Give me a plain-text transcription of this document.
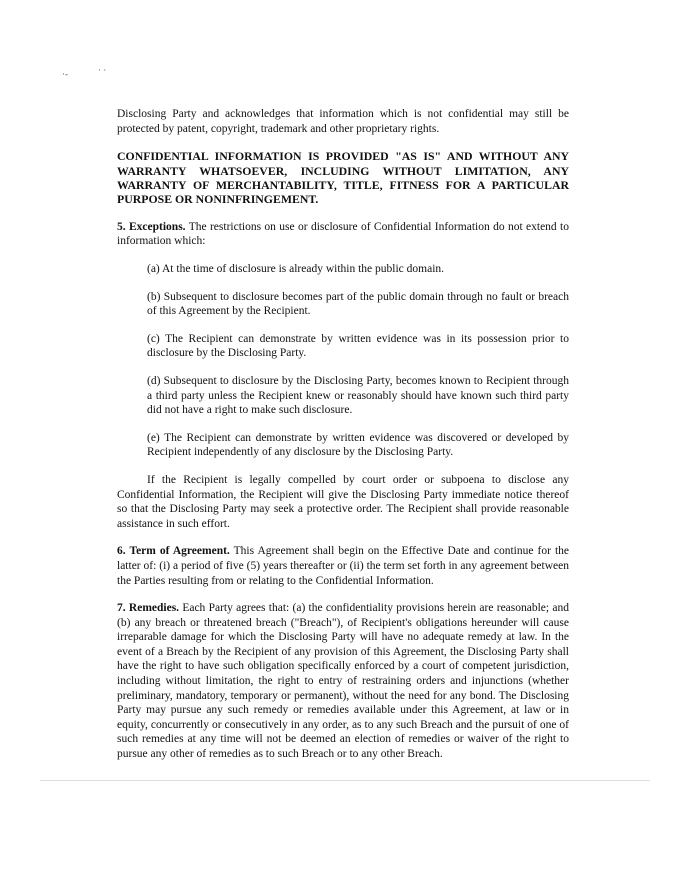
·-	· ·

Disclosing Party and acknowledges that information which is not confidential may still be protected by patent, copyright, trademark and other proprietary rights.

CONFIDENTIAL INFORMATION IS PROVIDED "AS IS" AND WITHOUT ANY WARRANTY WHATSOEVER, INCLUDING WITHOUT LIMITATION, ANY WARRANTY OF MERCHANTABILITY, TITLE, FITNESS FOR A PARTICULAR PURPOSE OR NONINFRINGEMENT.

5. Exceptions. The restrictions on use or disclosure of Confidential Information do not extend to information which:

(a) At the time of disclosure is already within the public domain.

(b) Subsequent to disclosure becomes part of the public domain through no fault or breach of this Agreement by the Recipient.

(c) The Recipient can demonstrate by written evidence was in its possession prior to disclosure by the Disclosing Party.

(d) Subsequent to disclosure by the Disclosing Party, becomes known to Recipient through a third party unless the Recipient knew or reasonably should have known such third party did not have a right to make such disclosure.

(e) The Recipient can demonstrate by written evidence was discovered or developed by Recipient independently of any disclosure by the Disclosing Party.

If the Recipient is legally compelled by court order or subpoena to disclose any Confidential Information, the Recipient will give the Disclosing Party immediate notice thereof so that the Disclosing Party may seek a protective order. The Recipient shall provide reasonable assistance in such effort.

6. Term of Agreement. This Agreement shall begin on the Effective Date and continue for the latter of: (i) a period of five (5) years thereafter or (ii) the term set forth in any agreement between the Parties resulting from or relating to the Confidential Information.

7. Remedies. Each Party agrees that: (a) the confidentiality provisions herein are reasonable; and (b) any breach or threatened breach ("Breach"), of Recipient's obligations hereunder will cause irreparable damage for which the Disclosing Party will have no adequate remedy at law. In the event of a Breach by the Recipient of any provision of this Agreement, the Disclosing Party shall have the right to have such obligation specifically enforced by a court of competent jurisdiction, including without limitation, the right to entry of restraining orders and injunctions (whether preliminary, mandatory, temporary or permanent), without the need for any bond. The Disclosing Party may pursue any such remedy or remedies available under this Agreement, at law or in equity, concurrently or consecutively in any order, as to any such Breach and the pursuit of one of such remedies at any time will not be deemed an election of remedies or waiver of the right to pursue any other of remedies as to such Breach or to any other Breach.
